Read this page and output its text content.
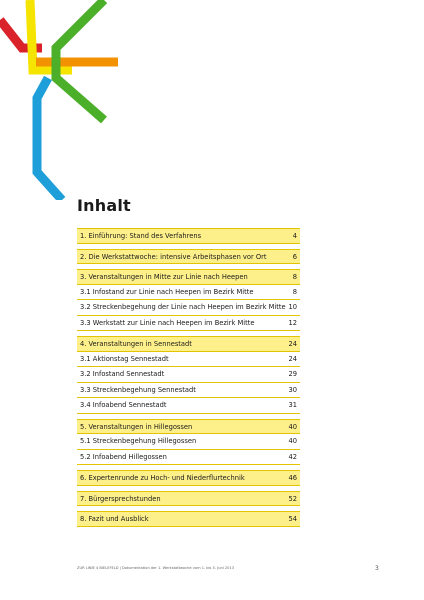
Inhalt
1. Einführung: Stand des Verfahrens	4
2. Die Werkstattwoche: intensive Arbeitsphasen vor Ort	6
3. Veranstaltungen in Mitte zur Linie nach Heepen	8
3.1 Infostand zur Linie nach Heepen im Bezirk Mitte	8
3.2 Streckenbegehung der Linie nach Heepen im Bezirk Mitte 10
3.3 Werkstatt zur Linie nach Heepen im Bezirk Mitte	12
4. Veranstaltungen in Sennestadt	24
3.1 Aktionstag Sennestadt	24
3.2 Infostand Sennestadt	29
3.3 Streckenbegehung Sennestadt	30
3.4 Infoabend Sennestadt	31
5. Veranstaltungen in Hillegossen	40
5.1 Streckenbegehung Hillegossen	40
5.2 Infoabend Hillegossen	42
6. Expertenrunde zu Hoch- und Niederflurtechnik	46
7. Bürgersprechstunden	52
8. Fazit und Ausblick	54
ZUR LINIE 4 BIELEFELD | Dokumentation der 1. Werkstattwoche vom 1. bis 5. Juni 2013	3
